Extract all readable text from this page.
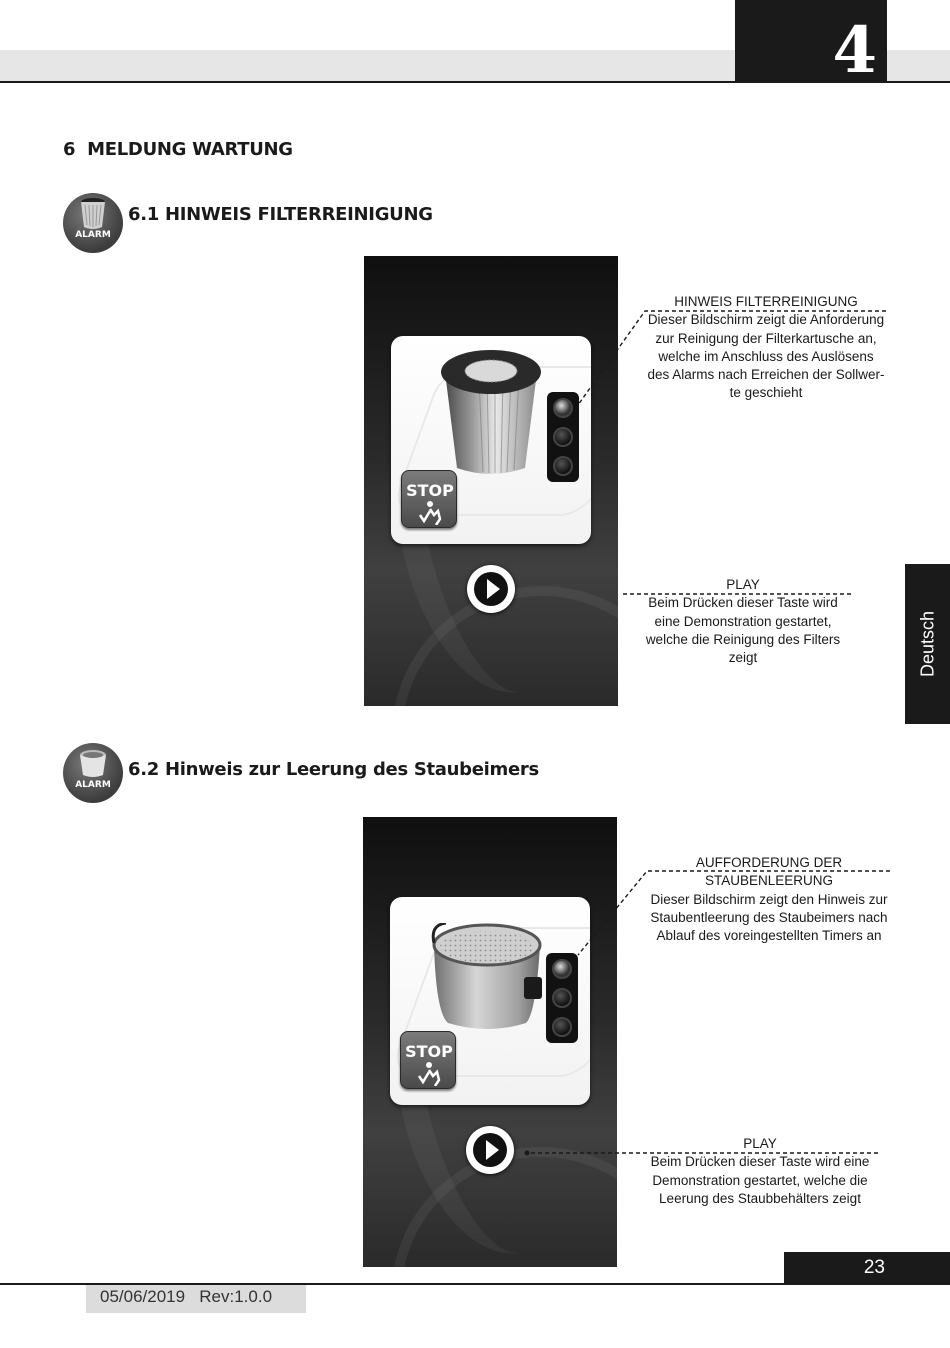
4
6  MELDUNG WARTUNG
ALARM
6.1 HINWEIS FILTERREINIGUNG
STOP
HINWEIS FILTERREINIGUNG
Dieser Bildschirm zeigt die Anforderung
zur Reinigung der Filterkartusche an,
welche im Anschluss des Auslösens
des Alarms nach Erreichen der Sollwer-
te geschieht
PLAY
Beim Drücken dieser Taste wird
eine Demonstration gestartet,
welche die Reinigung des Filters
zeigt	Deutsch
ALARM
6.2 Hinweis zur Leerung des Staubeimers
STOP
AUFFORDERUNG DER
STAUBENLEERUNG
Dieser Bildschirm zeigt den Hinweis zur
Staubentleerung des Staubeimers nach
Ablauf des voreingestellten Timers an
PLAY
Beim Drücken dieser Taste wird eine
Demonstration gestartet, welche die
Leerung des Staubbehälters zeigt
23
05/06/2019 Rev:1.0.0
